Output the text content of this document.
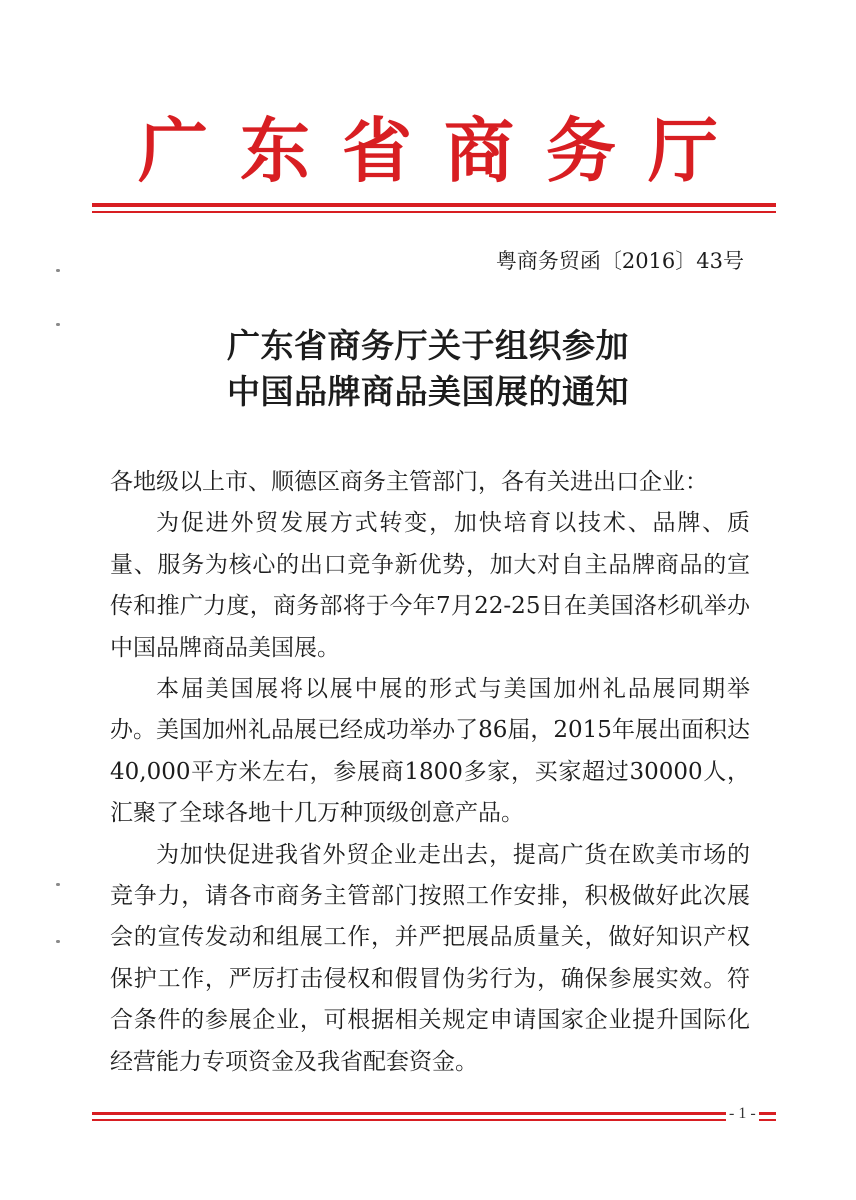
广东省商务厅

粤商务贸函〔2016〕43号

广东省商务厅关于组织参加
中国品牌商品美国展的通知

各地级以上市、顺德区商务主管部门，各有关进出口企业：

为促进外贸发展方式转变，加快培育以技术、品牌、质量、服务为核心的出口竞争新优势，加大对自主品牌商品的宣传和推广力度，商务部将于今年7月22-25日在美国洛杉矶举办中国品牌商品美国展。

本届美国展将以展中展的形式与美国加州礼品展同期举办。美国加州礼品展已经成功举办了86届，2015年展出面积达40,000平方米左右，参展商1800多家，买家超过30000人，汇聚了全球各地十几万种顶级创意产品。

为加快促进我省外贸企业走出去，提高广货在欧美市场的竞争力，请各市商务主管部门按照工作安排，积极做好此次展会的宣传发动和组展工作，并严把展品质量关，做好知识产权保护工作，严厉打击侵权和假冒伪劣行为，确保参展实效。符合条件的参展企业，可根据相关规定申请国家企业提升国际化经营能力专项资金及我省配套资金。

- 1 -
